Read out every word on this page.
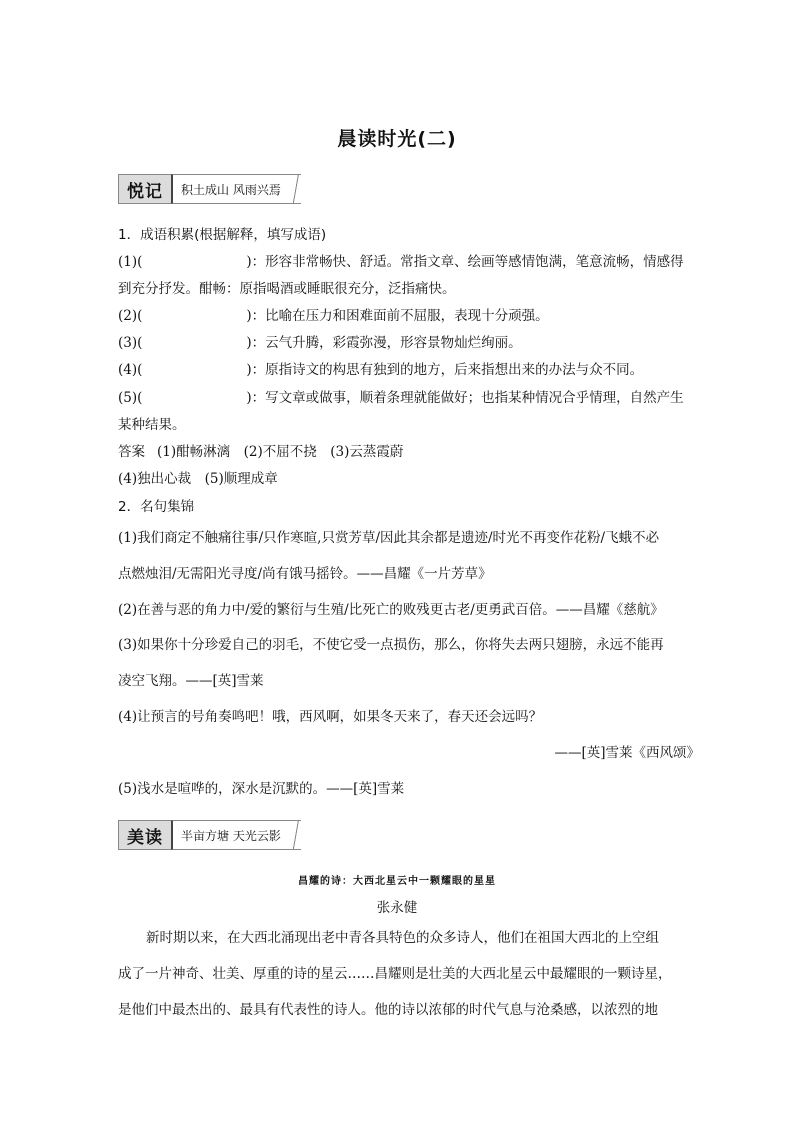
晨读时光(二)
悦记	积土成山 风雨兴焉
1．成语积累(根据解释，填写成语)
(1)(	)：形容非常畅快、舒适。常指文章、绘画等感情饱满，笔意流畅，情感得
到充分抒发。酣畅：原指喝酒或睡眠很充分，泛指痛快。
(2)(	)：比喻在压力和困难面前不屈服，表现十分顽强。
(3)(	)：云气升腾，彩霞弥漫，形容景物灿烂绚丽。
(4)(	)：原指诗文的构思有独到的地方，后来指想出来的办法与众不同。
(5)(	)：写文章或做事，顺着条理就能做好；也指某种情况合乎情理，自然产生
某种结果。
答案 (1)酣畅淋漓　(2)不屈不挠　(3)云蒸霞蔚
(4)独出心裁　(5)顺理成章
2．名句集锦
(1)我们商定不触痛往事/只作寒暄,只赏芳草/因此其余都是遗迹/时光不再变作花粉/飞蛾不必
点燃烛泪/无需阳光寻度/尚有饿马摇铃。——昌耀《一片芳草》
(2)在善与恶的角力中/爱的繁衍与生殖/比死亡的败残更古老/更勇武百倍。——昌耀《慈航》
(3)如果你十分珍爱自己的羽毛，不使它受一点损伤，那么，你将失去两只翅膀，永远不能再
凌空飞翔。——[英]雪莱
(4)让预言的号角奏鸣吧！哦，西风啊，如果冬天来了，春天还会远吗？
——[英]雪莱《西风颂》
(5)浅水是喧哗的，深水是沉默的。——[英]雪莱
美读	半亩方塘 天光云影
昌耀的诗：大西北星云中一颗耀眼的星星
张永健
新时期以来，在大西北涌现出老中青各具特色的众多诗人，他们在祖国大西北的上空组
成了一片神奇、壮美、厚重的诗的星云……昌耀则是壮美的大西北星云中最耀眼的一颗诗星，
是他们中最杰出的、最具有代表性的诗人。他的诗以浓郁的时代气息与沧桑感，以浓烈的地
